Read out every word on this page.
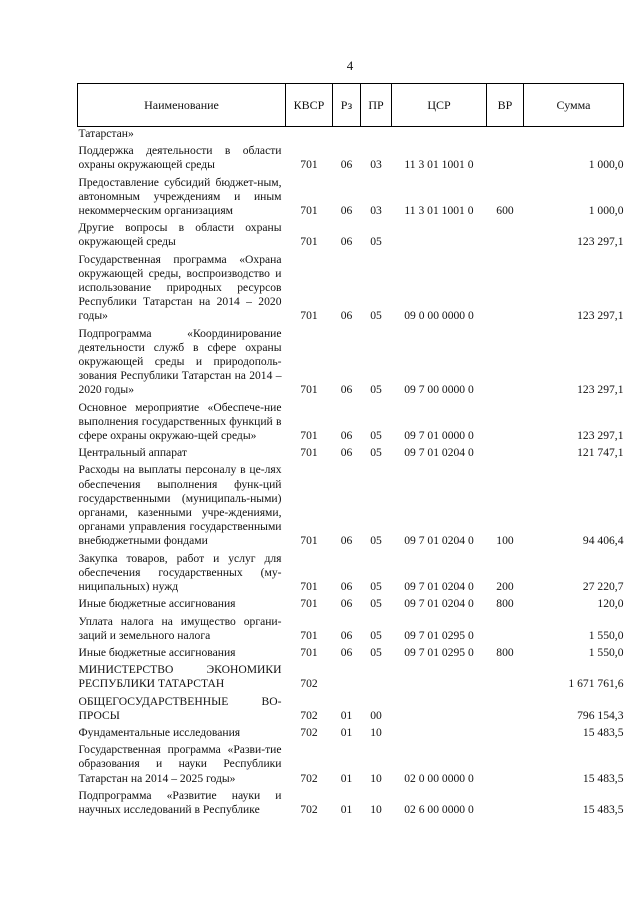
4
Наименование	КВСР	Рз	ПР	ЦСР	ВР	Сумма
Татарстан»						
Поддержка деятельности в области охраны окружающей среды	701	06	03	11 3 01 1001 0		1 000,0
Предоставление субсидий бюджет-ным, автономным учреждениям и иным некоммерческим организациям	701	06	03	11 3 01 1001 0	600	1 000,0
Другие вопросы в области охраны окружающей среды	701	06	05			123 297,1
Государственная программа «Охрана окружающей среды, воспроизводство и использование природных ресурсов Республики Татарстан на 2014 – 2020 годы»	701	06	05	09 0 00 0000 0		123 297,1
Подпрограмма «Координирование деятельности служб в сфере охраны окружающей среды и природополь-зования Республики Татарстан на 2014 – 2020 годы»	701	06	05	09 7 00 0000 0		123 297,1
Основное мероприятие «Обеспече-ние выполнения государственных функций в сфере охраны окружаю-щей среды»	701	06	05	09 7 01 0000 0		123 297,1
Центральный аппарат	701	06	05	09 7 01 0204 0		121 747,1
Расходы на выплаты персоналу в це-лях обеспечения выполнения функ-ций государственными (муниципаль-ными) органами, казенными учре-ждениями, органами управления государственными внебюджетными фондами	701	06	05	09 7 01 0204 0	100	94 406,4
Закупка товаров, работ и услуг для обеспечения государственных (му-ниципальных) нужд	701	06	05	09 7 01 0204 0	200	27 220,7
Иные бюджетные ассигнования	701	06	05	09 7 01 0204 0	800	120,0
Уплата налога на имущество органи-заций и земельного налога	701	06	05	09 7 01 0295 0		1 550,0
Иные бюджетные ассигнования	701	06	05	09 7 01 0295 0	800	1 550,0
МИНИСТЕРСТВО ЭКОНОМИКИ РЕСПУБЛИКИ ТАТАРСТАН	702					1 671 761,6
ОБЩЕГОСУДАРСТВЕННЫЕ ВО-ПРОСЫ	702	01	00			796 154,3
Фундаментальные исследования	702	01	10			15 483,5
Государственная программа «Разви-тие образования и науки Республики Татарстан на 2014 – 2025 годы»	702	01	10	02 0 00 0000 0		15 483,5
Подпрограмма «Развитие науки и научных исследований в Республике	702	01	10	02 6 00 0000 0		15 483,5
